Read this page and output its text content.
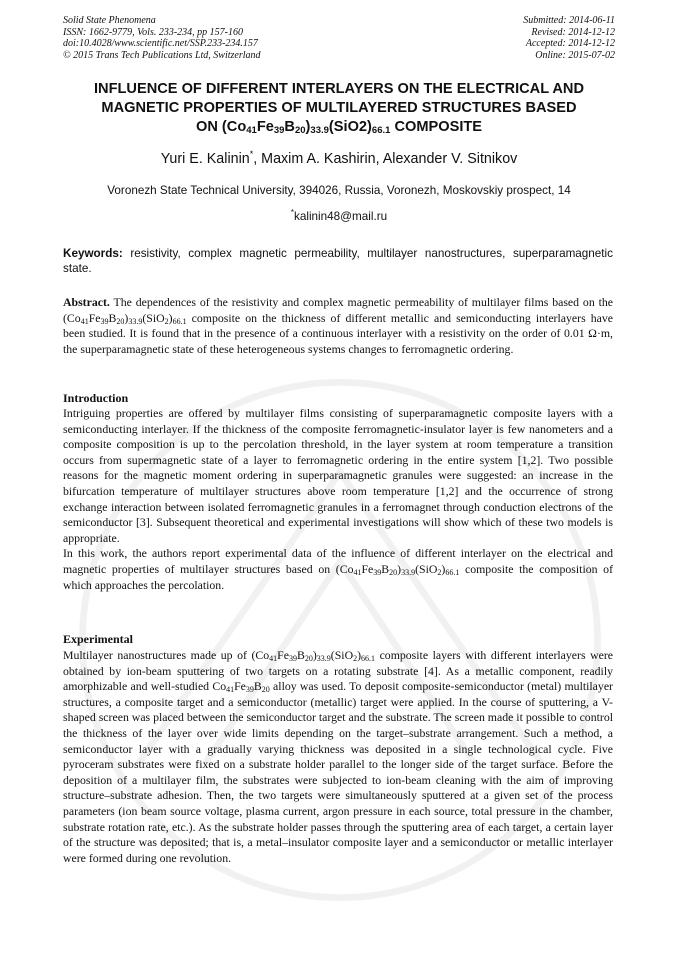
Solid State Phenomena
ISSN: 1662-9779, Vols. 233-234, pp 157-160
doi:10.4028/www.scientific.net/SSP.233-234.157
© 2015 Trans Tech Publications Ltd, Switzerland
Submitted: 2014-06-11
Revised: 2014-12-12
Accepted: 2014-12-12
Online: 2015-07-02
INFLUENCE OF DIFFERENT INTERLAYERS ON THE ELECTRICAL AND
MAGNETIC PROPERTIES OF MULTILAYERED STRUCTURES BASED
ON $(Co_{41}Fe_{39}B_{20})_{33.9}(SiO2)_{66.1}$ COMPOSITE
Yuri E. Kalinin*, Maxim A. Kashirin, Alexander V. Sitnikov
Voronezh State Technical University, 394026, Russia, Voronezh, Moskovskiy prospect, 14
*kalinin48@mail.ru
Keywords: resistivity, complex magnetic permeability, multilayer nanostructures, superparamagnetic state.

Abstract. The dependences of the resistivity and complex magnetic permeability of multilayer films based on the $(Co_{41}Fe_{39}B_{20})_{33.9}(SiO_2)_{66.1}$ composite on the thickness of different metallic and semiconducting interlayers have been studied. It is found that in the presence of a continuous interlayer with a resistivity on the order of 0.01 Ω·m, the superparamagnetic state of these heterogeneous systems changes to ferromagnetic ordering.

Introduction

Intriguing properties are offered by multilayer films consisting of superparamagnetic composite layers with a semiconducting interlayer. If the thickness of the composite ferromagnetic-insulator layer is few nanometers and a composite composition is up to the percolation threshold, in the layer system at room temperature a transition occurs from supermagnetic state of a layer to ferromagnetic ordering in the entire system [1,2]. Two possible reasons for the magnetic moment ordering in superparamagnetic granules were suggested: an increase in the bifurcation temperature of multilayer structures above room temperature [1,2] and the occurrence of strong exchange interaction between isolated ferromagnetic granules in a ferromagnet through conduction electrons of the semiconductor [3]. Subsequent theoretical and experimental investigations will show which of these two models is appropriate.

In this work, the authors report experimental data of the influence of different interlayer on the electrical and magnetic properties of multilayer structures based on $(Co_{41}Fe_{39}B_{20})_{33.9}(SiO_2)_{66.1}$ composite the composition of which approaches the percolation.

Experimental

Multilayer nanostructures made up of $(Co_{41}Fe_{39}B_{20})_{33.9}(SiO_2)_{66.1}$ composite layers with different interlayers were obtained by ion-beam sputtering of two targets on a rotating substrate [4]. As a metallic component, readily amorphizable and well-studied $Co_{41}Fe_{39}B_{20}$ alloy was used. To deposit composite-semiconductor (metal) multilayer structures, a composite target and a semiconductor (metallic) target were applied. In the course of sputtering, a V-shaped screen was placed between the semiconductor target and the substrate. The screen made it possible to control the thickness of the layer over wide limits depending on the target–substrate arrangement. Such a method, a semiconductor layer with a gradually varying thickness was deposited in a single technological cycle. Five pyroceram substrates were fixed on a substrate holder parallel to the longer side of the target surface. Before the deposition of a multilayer film, the substrates were subjected to ion-beam cleaning with the aim of improving structure–substrate adhesion. Then, the two targets were simultaneously sputtered at a given set of the process parameters (ion beam source voltage, plasma current, argon pressure in each source, total pressure in the chamber, substrate rotation rate, etc.). As the substrate holder passes through the sputtering area of each target, a certain layer of the structure was deposited; that is, a metal–insulator composite layer and a semiconductor or metallic interlayer were formed during one revolution.
